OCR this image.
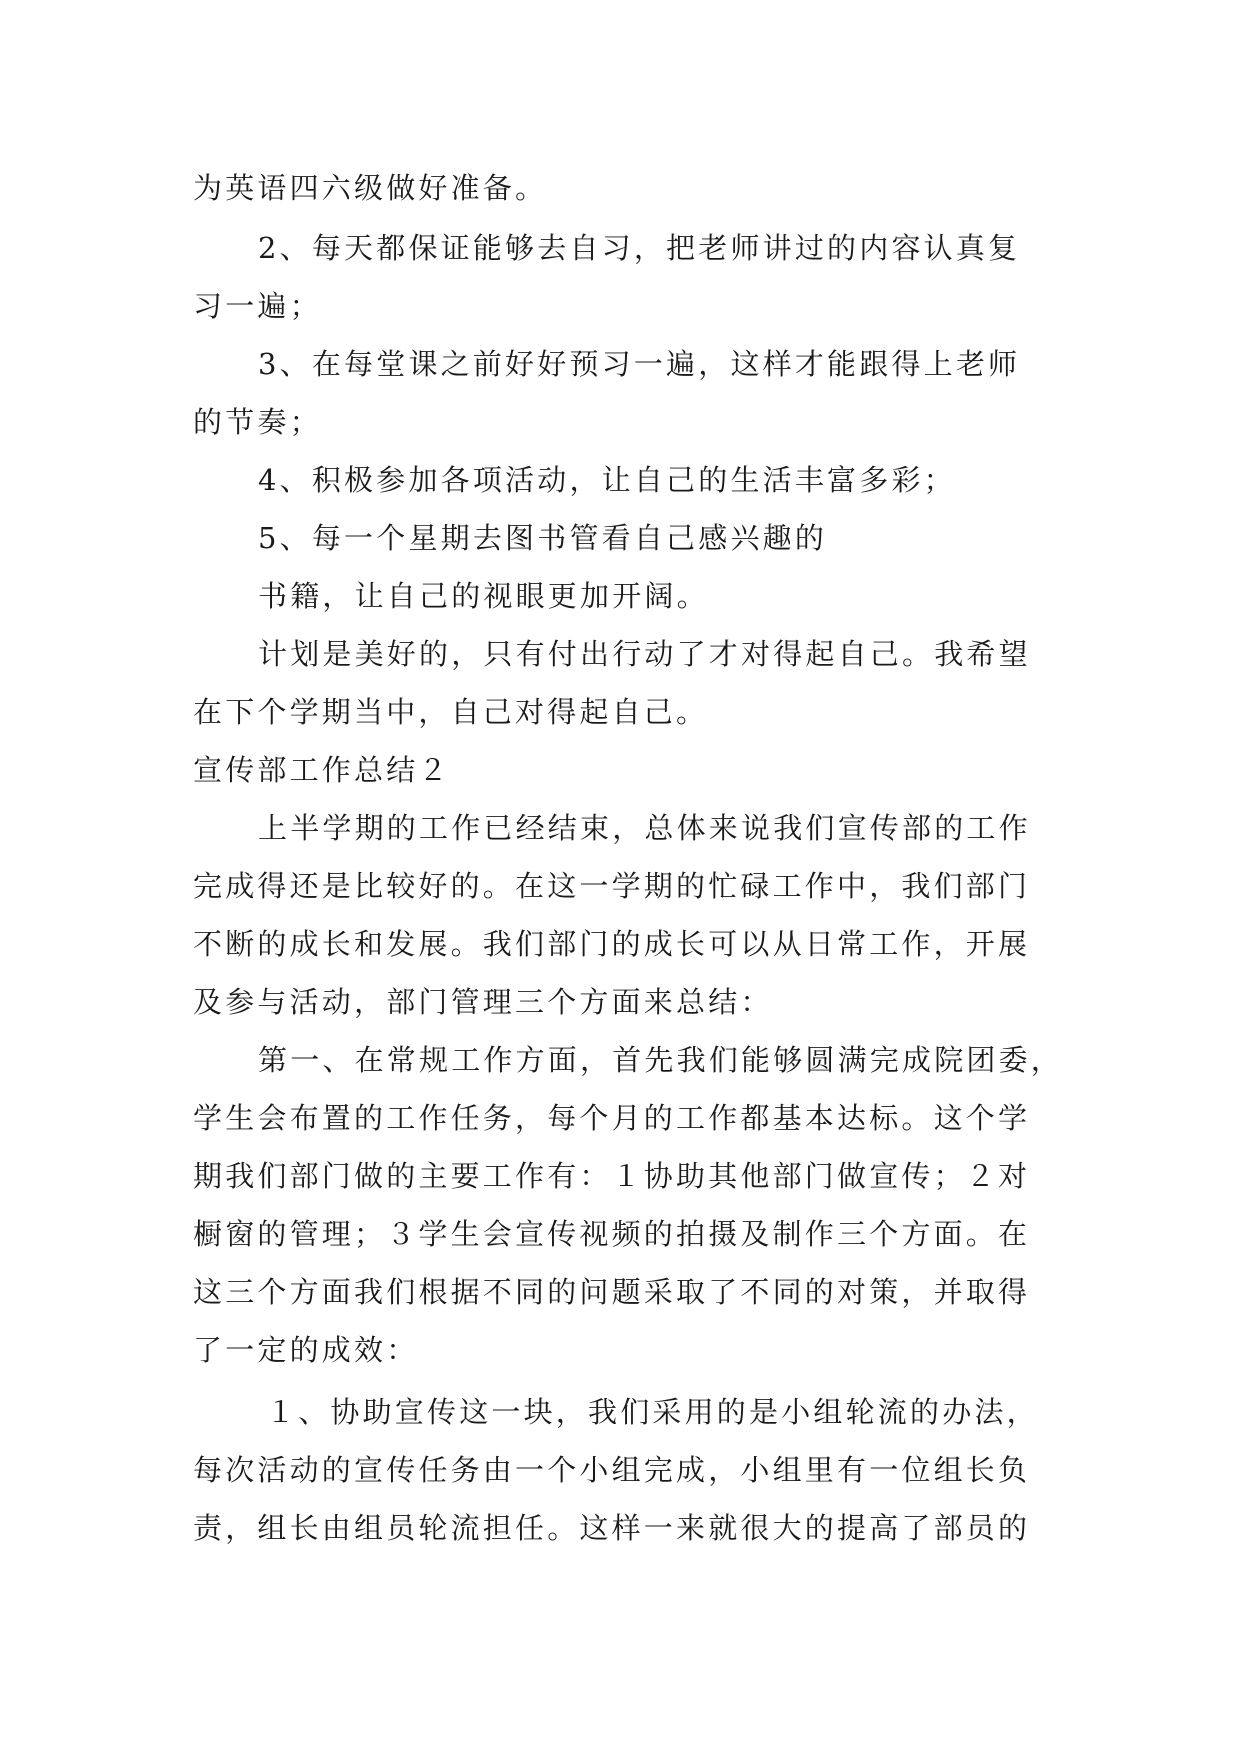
为英语四六级做好准备。
2、每天都保证能够去自习，把老师讲过的内容认真复
习一遍；
3、在每堂课之前好好预习一遍，这样才能跟得上老师
的节奏；
4、积极参加各项活动，让自己的生活丰富多彩；
5、每一个星期去图书管看自己感兴趣的
书籍，让自己的视眼更加开阔。
计划是美好的，只有付出行动了才对得起自己。我希望
在下个学期当中，自己对得起自己。
宣传部工作总结２
上半学期的工作已经结束，总体来说我们宣传部的工作
完成得还是比较好的。在这一学期的忙碌工作中，我们部门
不断的成长和发展。我们部门的成长可以从日常工作，开展
及参与活动，部门管理三个方面来总结：
第一、在常规工作方面，首先我们能够圆满完成院团委，
学生会布置的工作任务，每个月的工作都基本达标。这个学
期我们部门做的主要工作有：１协助其他部门做宣传；２对
橱窗的管理；３学生会宣传视频的拍摄及制作三个方面。在
这三个方面我们根据不同的问题采取了不同的对策，并取得
了一定的成效：
１、协助宣传这一块，我们采用的是小组轮流的办法，
每次活动的宣传任务由一个小组完成，小组里有一位组长负
责，组长由组员轮流担任。这样一来就很大的提高了部员的
